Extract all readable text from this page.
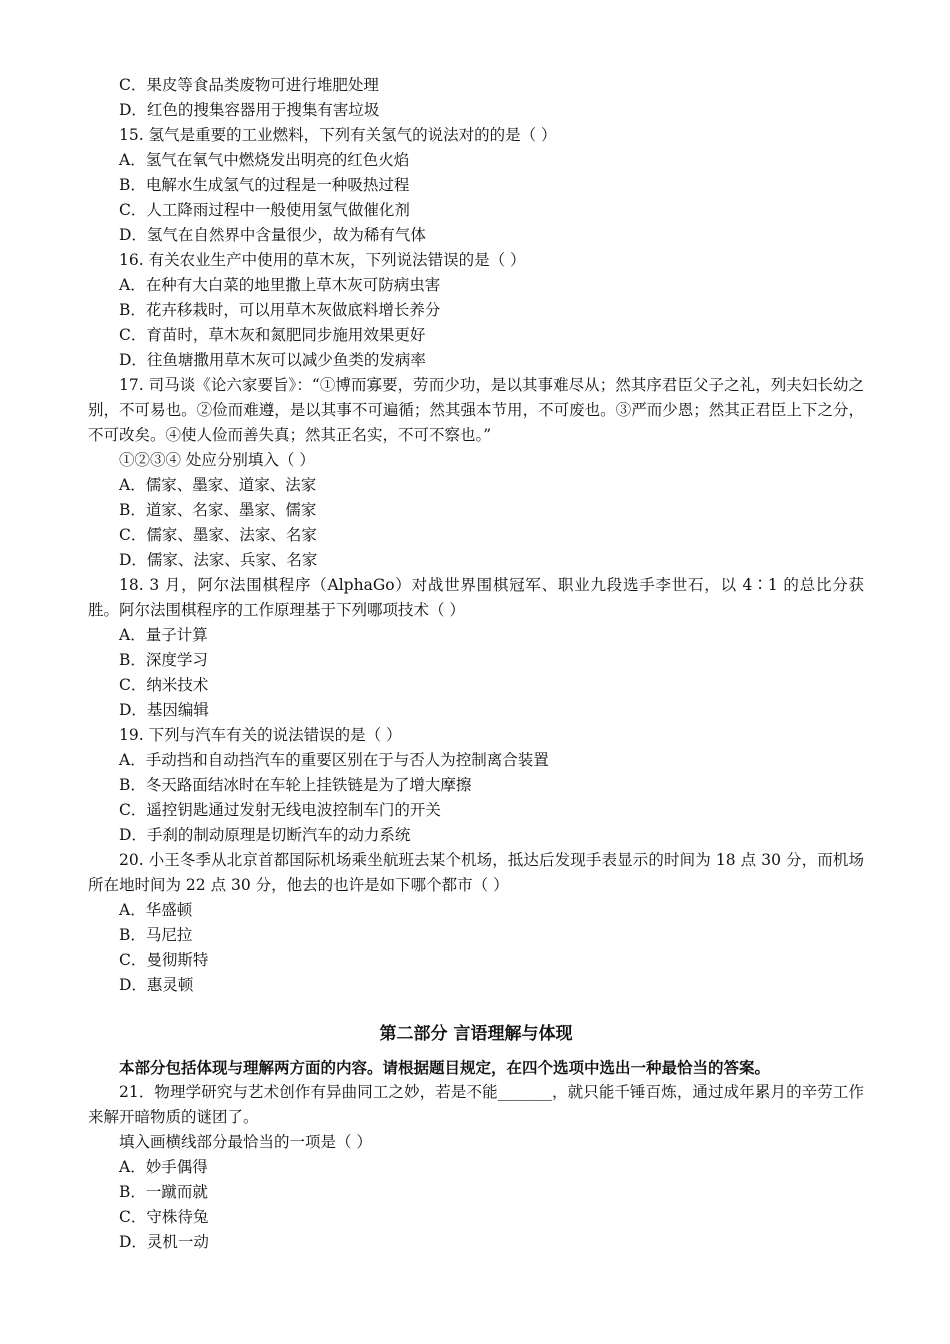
C．果皮等食品类废物可进行堆肥处理
D．红色的搜集容器用于搜集有害垃圾
15. 氢气是重要的工业燃料，下列有关氢气的说法对的的是（ ）
A．氢气在氧气中燃烧发出明亮的红色火焰
B．电解水生成氢气的过程是一种吸热过程
C．人工降雨过程中一般使用氢气做催化剂
D．氢气在自然界中含量很少，故为稀有气体
16. 有关农业生产中使用的草木灰，下列说法错误的是（ ）
A．在种有大白菜的地里撒上草木灰可防病虫害
B．花卉移栽时，可以用草木灰做底料增长养分
C．育苗时，草木灰和氮肥同步施用效果更好
D．往鱼塘撒用草木灰可以减少鱼类的发病率
17. 司马谈《论六家要旨》：“①博而寡要，劳而少功，是以其事难尽从；然其序君臣父子之礼，列夫妇长幼之别，不可易也。②俭而难遵，是以其事不可遍循；然其强本节用，不可废也。③严而少恩；然其正君臣上下之分，不可改矣。④使人俭而善失真；然其正名实，不可不察也。”
①②③④ 处应分别填入（ ）
A．儒家、墨家、道家、法家
B．道家、名家、墨家、儒家
C．儒家、墨家、法家、名家
D．儒家、法家、兵家、名家
18. 3 月，阿尔法围棋程序（AlphaGo）对战世界围棋冠军、职业九段选手李世石，以 4∶1 的总比分获胜。阿尔法围棋程序的工作原理基于下列哪项技术（ ）
A．量子计算
B．深度学习
C．纳米技术
D．基因编辑
19. 下列与汽车有关的说法错误的是（ ）
A．手动挡和自动挡汽车的重要区别在于与否人为控制离合装置
B．冬天路面结冰时在车轮上挂铁链是为了增大摩擦
C．遥控钥匙通过发射无线电波控制车门的开关
D．手刹的制动原理是切断汽车的动力系统
20. 小王冬季从北京首都国际机场乘坐航班去某个机场，抵达后发现手表显示的时间为 18 点 30 分，而机场所在地时间为 22 点 30 分，他去的也许是如下哪个都市（ ）
A．华盛顿
B．马尼拉
C．曼彻斯特
D．惠灵顿
第二部分 言语理解与体现
本部分包括体现与理解两方面的内容。请根据题目规定，在四个选项中选出一种最恰当的答案。
21．物理学研究与艺术创作有异曲同工之妙，若是不能_______，就只能千锤百炼，通过成年累月的辛劳工作来解开暗物质的谜团了。
填入画横线部分最恰当的一项是（ ）
A．妙手偶得
B．一蹴而就
C．守株待兔
D．灵机一动
